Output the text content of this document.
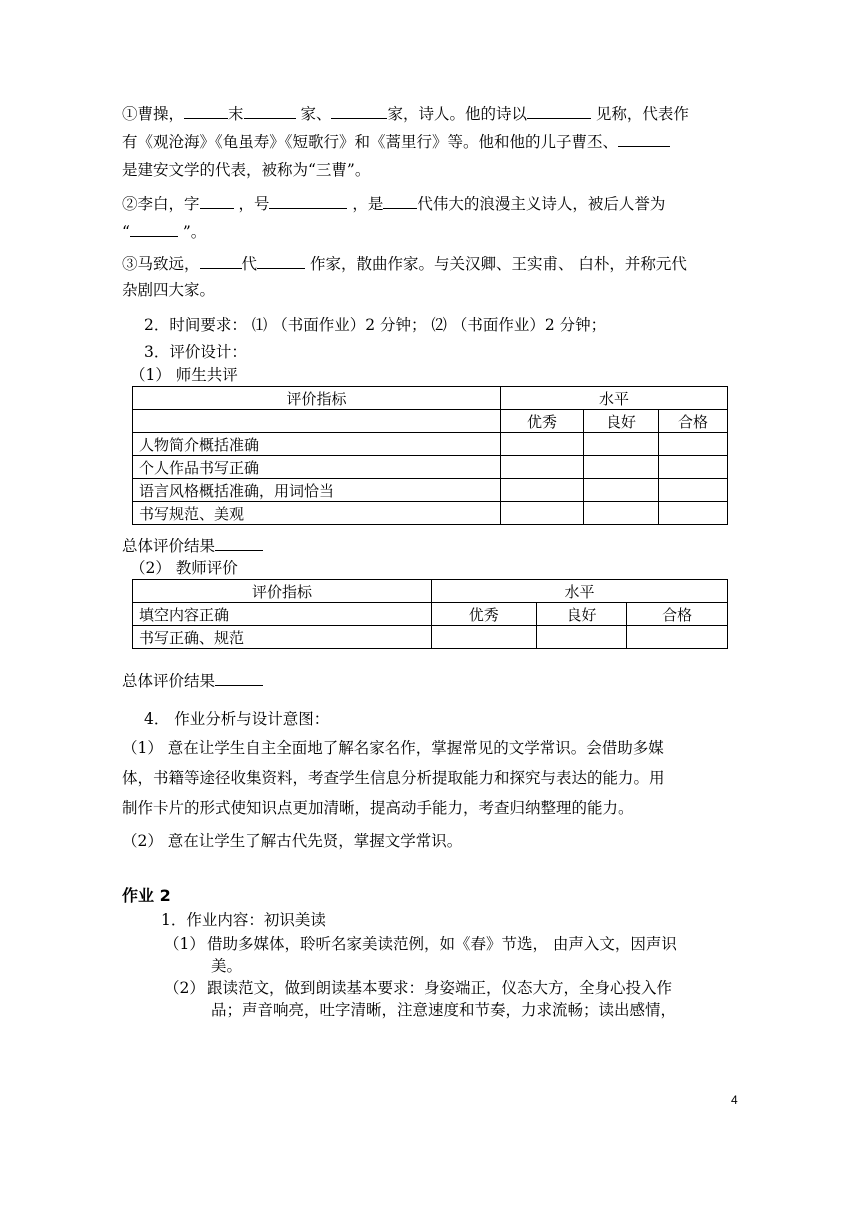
①曹操，	末	家、	家，诗人。他的诗以	见称，代表作
有《观沧海》《龟虽寿》《短歌行》和《蒿里行》等。他和他的儿子曹丕、
是建安文学的代表，被称为“三曹”。
②李白，字 ，号	，是 代伟大的浪漫主义诗人，被后人誉为
“	”。
③马致远，	代	作家，散曲作家。与关汉卿、王实甫、 白朴，并称元代
杂剧四大家。
2．时间要求： ⑴ （书面作业）2 分钟； ⑵ （书面作业）2 分钟；
3．评价设计：
（1） 师生共评
评价指标	水平		
	优秀	良好	合格
人物简介概括准确			
个人作品书写正确			
语言风格概括准确，用词恰当			
书写规范、美观			
总体评价结果
（2） 教师评价
评价指标	水平		
填空内容正确	优秀	良好	合格
书写正确、规范			
总体评价结果
4． 作业分析与设计意图：
（1） 意在让学生自主全面地了解名家名作，掌握常见的文学常识。会借助多媒
体，书籍等途径收集资料，考查学生信息分析提取能力和探究与表达的能力。用
制作卡片的形式使知识点更加清晰，提高动手能力，考查归纳整理的能力。
（2） 意在让学生了解古代先贤，掌握文学常识。
作业 2
1．作业内容：初识美读
（1） 借助多媒体，聆听名家美读范例，如《春》节选， 由声入文，因声识
美。
（2） 跟读范文，做到朗读基本要求：身姿端正，仪态大方，全身心投入作
品；声音响亮，吐字清晰，注意速度和节奏，力求流畅；读出感情，
4
